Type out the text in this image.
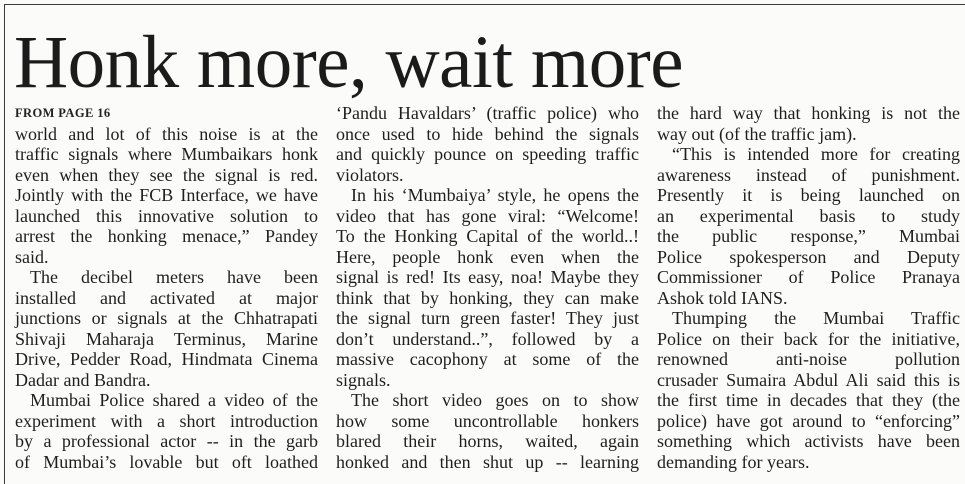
Honk more, wait more
FROM PAGE 16
world and lot of this noise is at the
traffic signals where Mumbaikars honk
even when they see the signal is red.
Jointly with the FCB Interface, we have
launched this innovative solution to
arrest the honking menace,” Pandey
said.
The decibel meters have been
installed and activated at major
junctions or signals at the Chhatrapati
Shivaji Maharaja Terminus, Marine
Drive, Pedder Road, Hindmata Cinema
Dadar and Bandra.
Mumbai Police shared a video of the
experiment with a short introduction
by a professional actor -- in the garb
of Mumbai’s lovable but oft loathed
‘Pandu Havaldars’ (traffic police) who
once used to hide behind the signals
and quickly pounce on speeding traffic
violators.
In his ‘Mumbaiya’ style, he opens the
video that has gone viral: “Welcome!
To the Honking Capital of the world..!
Here, people honk even when the
signal is red! Its easy, noa! Maybe they
think that by honking, they can make
the signal turn green faster! They just
don’t understand..”, followed by a
massive cacophony at some of the
signals.
The short video goes on to show
how some uncontrollable honkers
blared their horns, waited, again
honked and then shut up -- learning
the hard way that honking is not the
way out (of the traffic jam).
“This is intended more for creating
awareness instead of punishment.
Presently it is being launched on
an experimental basis to study
the public response,” Mumbai
Police spokesperson and Deputy
Commissioner of Police Pranaya
Ashok told IANS.
Thumping the Mumbai Traffic
Police on their back for the initiative,
renowned anti-noise pollution
crusader Sumaira Abdul Ali said this is
the first time in decades that they (the
police) have got around to “enforcing”
something which activists have been
demanding for years.
